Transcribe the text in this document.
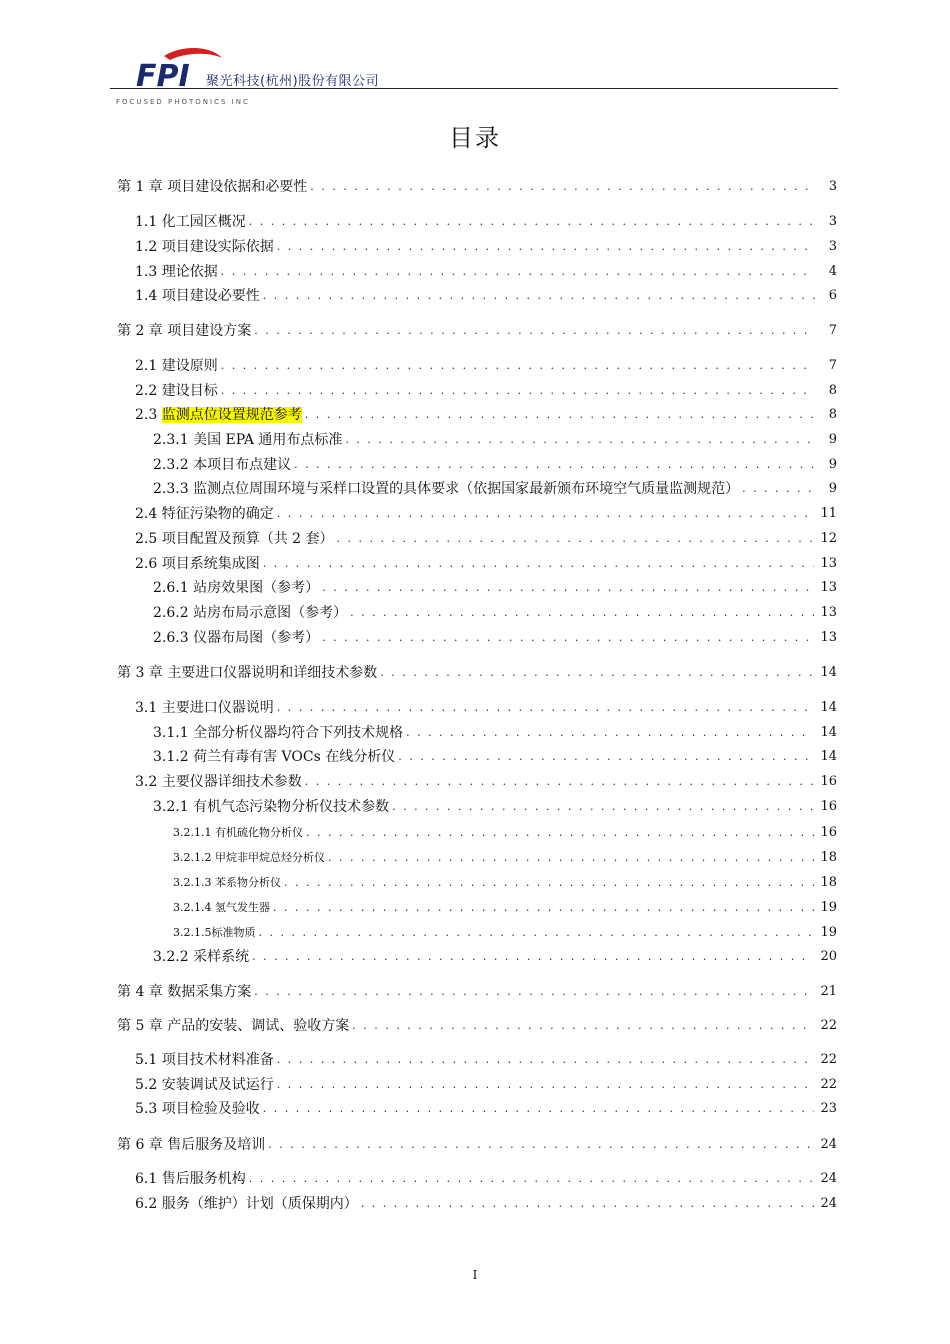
FPI 聚光科技(杭州)股份有限公司
FOCUSED PHOTONICS INC
目录
第 1 章 项目建设依据和必要性 . . .	3
1.1 化工园区概况 . . .	3
1.2 项目建设实际依据 . . .	3
1.3 理论依据 . . .	4
1.4 项目建设必要性 . . .	6
第 2 章 项目建设方案 . . .	7
2.1 建设原则 . . .	7
2.2 建设目标 . . .	8
2.3 监测点位设置规范参考 . . .	8
2.3.1 美国 EPA 通用布点标准 . . .	9
2.3.2 本项目布点建议 . . .	9
2.3.3 监测点位周围环境与采样口设置的具体要求（依据国家最新颁布环境空气质量监测规范） . . .	9
2.4 特征污染物的确定 . . .	11
2.5 项目配置及预算（共 2 套） . . .	12
2.6 项目系统集成图 . . .	13
2.6.1 站房效果图（参考） . . .	13
2.6.2 站房布局示意图（参考） . . .	13
2.6.3 仪器布局图（参考） . . .	13
第 3 章 主要进口仪器说明和详细技术参数 . . .	14
3.1 主要进口仪器说明 . . .	14
3.1.1 全部分析仪器均符合下列技术规格 . . .	14
3.1.2 荷兰有毒有害 VOCs 在线分析仪 . . .	14
3.2 主要仪器详细技术参数 . . .	16
3.2.1 有机气态污染物分析仪技术参数 . . .	16
3.2.1.1 有机硫化物分析仪 . . .	16
3.2.1.2 甲烷非甲烷总烃分析仪 . . .	18
3.2.1.3 苯系物分析仪 . . .	18
3.2.1.4 氢气发生器 . . .	19
3.2.1.5标准物质 . . .	19
3.2.2 采样系统 . . .	20
第 4 章 数据采集方案 . . .	21
第 5 章 产品的安装、调试、验收方案 . . .	22
5.1 项目技术材料准备 . . .	22
5.2 安装调试及试运行 . . .	22
5.3 项目检验及验收 . . .	23
第 6 章 售后服务及培训 . . .	24
6.1 售后服务机构 . . .	24
6.2 服务（维护）计划（质保期内） . . .	24
I
